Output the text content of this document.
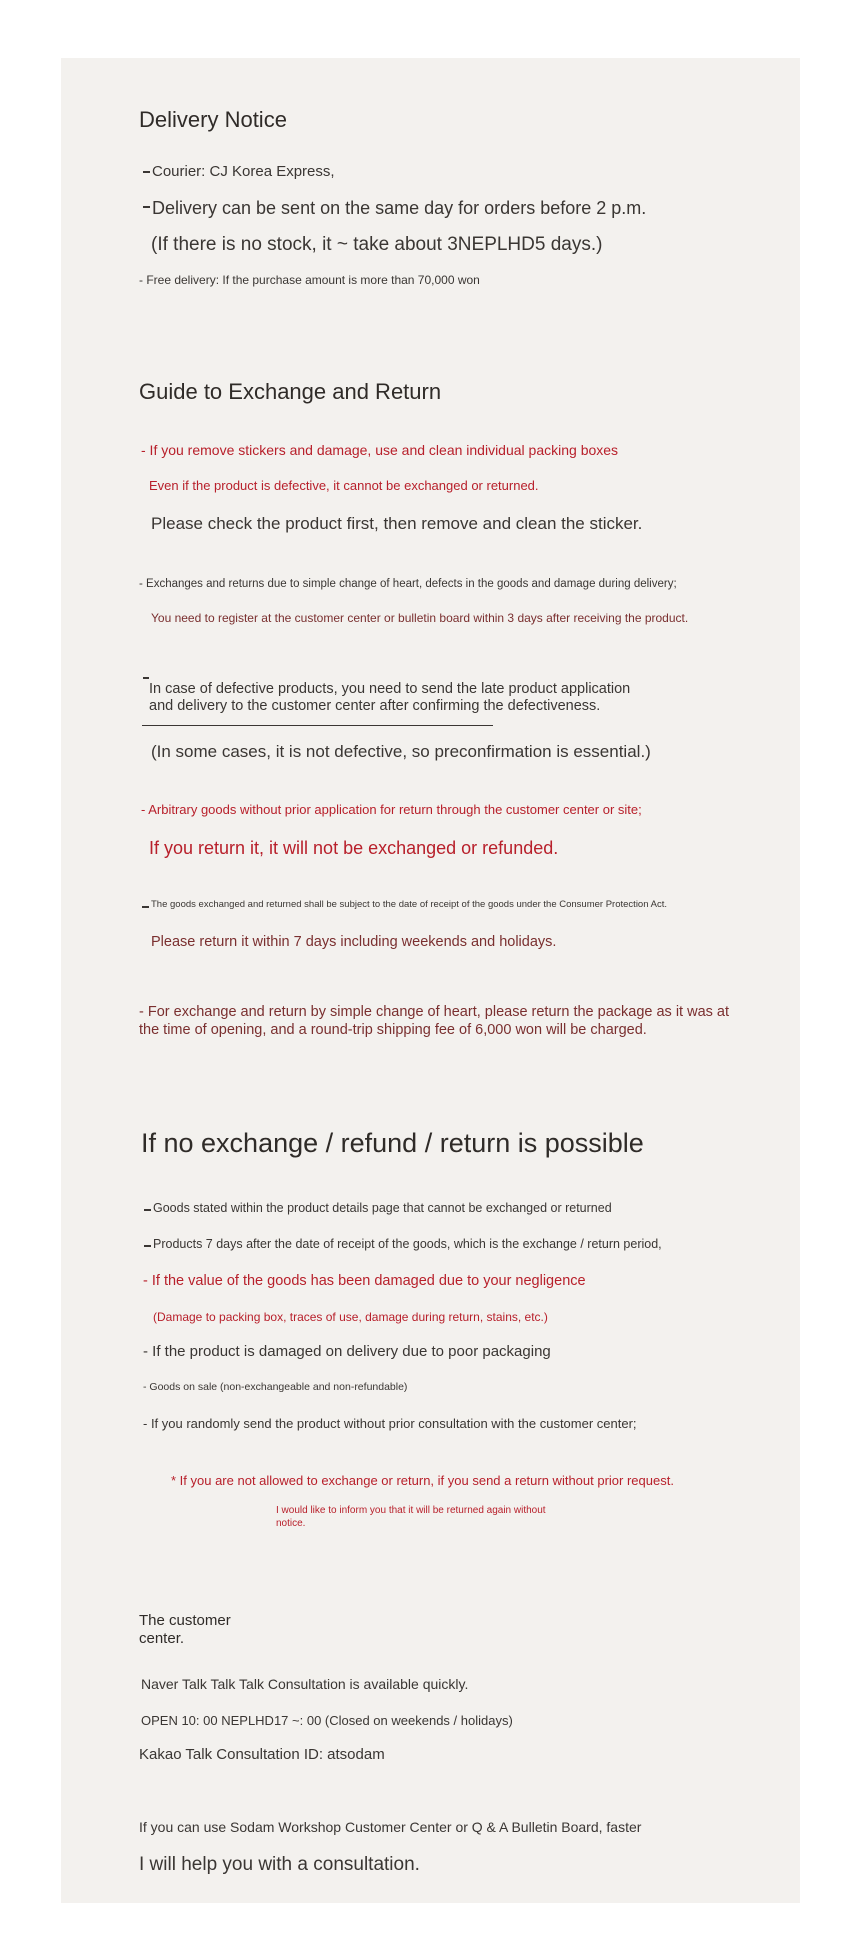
Delivery Notice
Courier: CJ Korea Express,
Delivery can be sent on the same day for orders before 2 p.m.
(If there is no stock, it ~ take about 3NEPLHD5 days.)
- Free delivery: If the purchase amount is more than 70,000 won
Guide to Exchange and Return
- If you remove stickers and damage, use and clean individual packing boxes
Even if the product is defective, it cannot be exchanged or returned.
Please check the product first, then remove and clean the sticker.
- Exchanges and returns due to simple change of heart, defects in the goods and damage during delivery;
You need to register at the customer center or bulletin board within 3 days after receiving the product.
In case of defective products, you need to send the late product application
and delivery to the customer center after confirming the defectiveness.
(In some cases, it is not defective, so preconfirmation is essential.)
- Arbitrary goods without prior application for return through the customer center or site;
If you return it, it will not be exchanged or refunded.
The goods exchanged and returned shall be subject to the date of receipt of the goods under the Consumer Protection Act.
Please return it within 7 days including weekends and holidays.
- For exchange and return by simple change of heart, please return the package as it was at
the time of opening, and a round-trip shipping fee of 6,000 won will be charged.
If no exchange / refund / return is possible
Goods stated within the product details page that cannot be exchanged or returned
Products 7 days after the date of receipt of the goods, which is the exchange / return period,
- If the value of the goods has been damaged due to your negligence
(Damage to packing box, traces of use, damage during return, stains, etc.)
- If the product is damaged on delivery due to poor packaging
- Goods on sale (non-exchangeable and non-refundable)
- If you randomly send the product without prior consultation with the customer center;
* If you are not allowed to exchange or return, if you send a return without prior request.
I would like to inform you that it will be returned again without
notice.
The customer
center.
Naver Talk Talk Talk Consultation is available quickly.
OPEN 10: 00 NEPLHD17 ~: 00 (Closed on weekends / holidays)
Kakao Talk Consultation ID: atsodam
If you can use Sodam Workshop Customer Center or Q & A Bulletin Board, faster
I will help you with a consultation.
